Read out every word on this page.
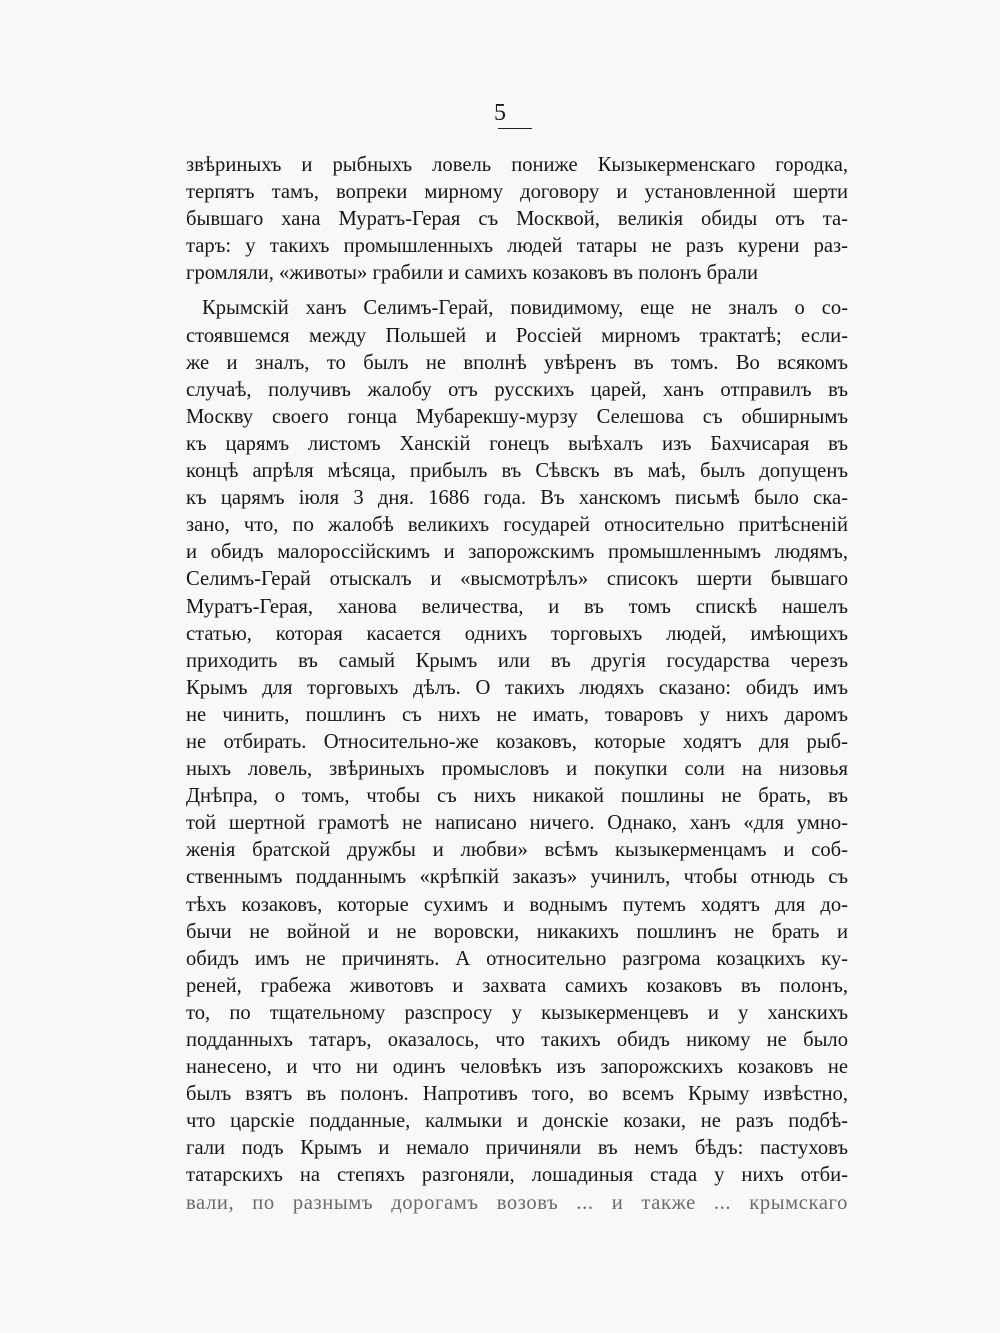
5
звѣриныхъ и рыбныхъ ловель пониже Кызыкерменскаго городка,
терпятъ тамъ, вопреки мирному договору и установленной шерти
бывшаго хана Муратъ-Герая съ Москвой, великія обиды отъ та-
таръ: у такихъ промышленныхъ людей татары не разъ курени раз-
громляли, «животы» грабили и самихъ козаковъ въ полонъ брали
Крымскій ханъ Селимъ-Герай, повидимому, еще не зналъ о со-
стоявшемся между Польшей и Россіей мирномъ трактатѣ; если-
же и зналъ, то былъ не вполнѣ увѣренъ въ томъ. Во всякомъ
случаѣ, получивъ жалобу отъ русскихъ царей, ханъ отправилъ въ
Москву своего гонца Мубарекшу-мурзу Селешова съ обширнымъ
къ царямъ листомъ Ханскій гонецъ выѣхалъ изъ Бахчисарая въ
концѣ апрѣля мѣсяца, прибылъ въ Сѣвскъ въ маѣ, былъ допущенъ
къ царямъ іюля 3 дня. 1686 года. Въ ханскомъ письмѣ было ска-
зано, что, по жалобѣ великихъ государей относительно притѣсненій
и обидъ малороссійскимъ и запорожскимъ промышленнымъ людямъ,
Селимъ-Герай отыскалъ и «высмотрѣлъ» списокъ шерти бывшаго
Муратъ-Герая, ханова величества, и въ томъ спискѣ нашелъ
статью, которая касается однихъ торговыхъ людей, имѣющихъ
приходить въ самый Крымъ или въ другія государства черезъ
Крымъ для торговыхъ дѣлъ. О такихъ людяхъ сказано: обидъ имъ
не чинить, пошлинъ съ нихъ не имать, товаровъ у нихъ даромъ
не отбирать. Относительно-же козаковъ, которые ходятъ для рыб-
ныхъ ловель, звѣриныхъ промысловъ и покупки соли на низовья
Днѣпра, о томъ, чтобы съ нихъ никакой пошлины не брать, въ
той шертной грамотѣ не написано ничего. Однако, ханъ «для умно-
женія братской дружбы и любви» всѣмъ кызыкерменцамъ и соб-
ственнымъ подданнымъ «крѣпкій заказъ» учинилъ, чтобы отнюдь съ
тѣхъ козаковъ, которые сухимъ и воднымъ путемъ ходятъ для до-
бычи не войной и не воровски, никакихъ пошлинъ не брать и
обидъ имъ не причинять. А относительно разгрома козацкихъ ку-
реней, грабежа животовъ и захвата самихъ козаковъ въ полонъ,
то, по тщательному разспросу у кызыкерменцевъ и у ханскихъ
подданныхъ татаръ, оказалось, что такихъ обидъ никому не было
нанесено, и что ни одинъ человѣкъ изъ запорожскихъ козаковъ не
былъ взятъ въ полонъ. Напротивъ того, во всемъ Крыму извѣстно,
что царскіе подданные, калмыки и донскіе козаки, не разъ подбѣ-
гали подъ Крымъ и немало причиняли въ немъ бѣдъ: пастуховъ
татарскихъ на степяхъ разгоняли, лошадиныя стада у нихъ отби-
вали, по разнымъ дорогамъ возовъ ... и также ... крымскаго
